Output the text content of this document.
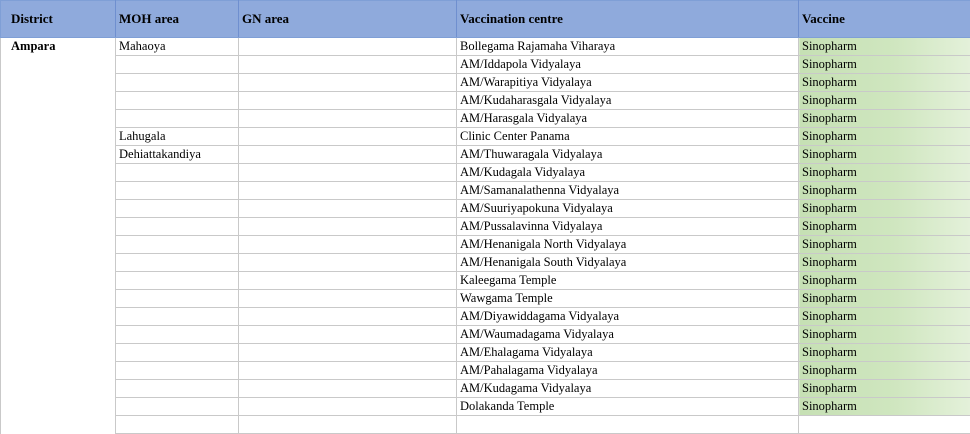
District	MOH area	GN area	Vaccination centre	Vaccine
Ampara	Mahaoya		Bollegama Rajamaha Viharaya	Sinopharm
			AM/Iddapola Vidyalaya	Sinopharm
			AM/Warapitiya Vidyalaya	Sinopharm
			AM/Kudaharasgala Vidyalaya	Sinopharm
			AM/Harasgala Vidyalaya	Sinopharm
	Lahugala		Clinic Center Panama	Sinopharm
	Dehiattakandiya		AM/Thuwaragala Vidyalaya	Sinopharm
			AM/Kudagala Vidyalaya	Sinopharm
			AM/Samanalathenna Vidyalaya	Sinopharm
			AM/Suuriyapokuna Vidyalaya	Sinopharm
			AM/Pussalavinna Vidyalaya	Sinopharm
			AM/Henanigala North Vidyalaya	Sinopharm
			AM/Henanigala South Vidyalaya	Sinopharm
			Kaleegama Temple	Sinopharm
			Wawgama Temple	Sinopharm
			AM/Diyawiddagama Vidyalaya	Sinopharm
			AM/Waumadagama Vidyalaya	Sinopharm
			AM/Ehalagama Vidyalaya	Sinopharm
			AM/Pahalagama Vidyalaya	Sinopharm
			AM/Kudagama Vidyalaya	Sinopharm
			Dolakanda Temple	Sinopharm
